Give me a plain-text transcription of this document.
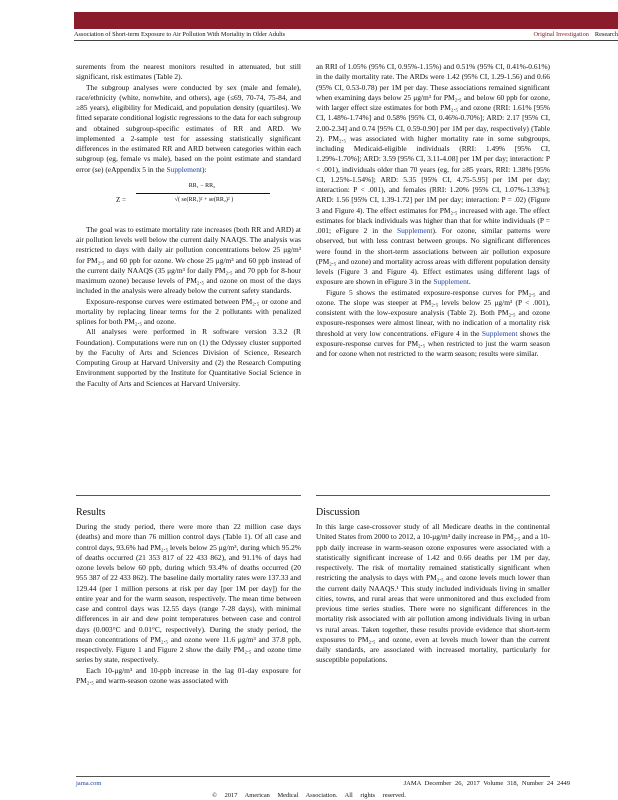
Association of Short-term Exposure to Air Pollution With Mortality in Older Adults	Original Investigation Research

surements from the nearest monitors resulted in attenuated, but still significant, risk estimates (Table 2).

The subgroup analyses were conducted by sex (male and female), race/ethnicity (white, nonwhite, and others), age (≤69, 70-74, 75-84, and ≥85 years), eligibility for Medicaid, and population density (quartiles). We fitted separate conditional logistic regressions to the data for each subgroup and obtained subgroup-specific estimates of RR and ARD. We implemented a 2-sample test for assessing statistically significant differences in the estimated RR and ARD between categories within each subgroup (eg, female vs male), based on the point estimate and standard error (se) (eAppendix 5 in the Supplement):

Z =
RR₁ − RR₂
√( se(RR₁)² + se(RR₂)² )

The goal was to estimate mortality rate increases (both RR and ARD) at air pollution levels well below the current daily NAAQS. The analysis was restricted to days with daily air pollution concentrations below 25 μg/m³ for PM₂.₅ and 60 ppb for ozone. We chose 25 μg/m³ and 60 ppb instead of the current daily NAAQS (35 μg/m³ for daily PM₂.₅ and 70 ppb for 8-hour maximum ozone) because levels of PM₂.₅ and ozone on most of the days included in the analysis were already below the current safety standards.

Exposure-response curves were estimated between PM₂.₅ or ozone and mortality by replacing linear terms for the 2 pollutants with penalized splines for both PM₂.₅ and ozone.

All analyses were performed in R software version 3.3.2 (R Foundation). Computations were run on (1) the Odyssey cluster supported by the Faculty of Arts and Sciences Division of Science, Research Computing Group at Harvard University and (2) the Research Computing Environment supported by the Institute for Quantitative Social Science in the Faculty of Arts and Sciences at Harvard University.

an RRI of 1.05% (95% CI, 0.95%-1.15%) and 0.51% (95% CI, 0.41%-0.61%) in the daily mortality rate. The ARDs were 1.42 (95% CI, 1.29-1.56) and 0.66 (95% CI, 0.53-0.78) per 1M per day. These associations remained significant when examining days below 25 μg/m³ for PM₂.₅ and below 60 ppb for ozone, with larger effect size estimates for both PM₂.₅ and ozone (RRI: 1.61% [95% CI, 1.48%-1.74%] and 0.58% [95% CI, 0.46%-0.70%]; ARD: 2.17 [95% CI, 2.00-2.34] and 0.74 [95% CI, 0.59-0.90] per 1M per day, respectively) (Table 2). PM₂.₅ was associated with higher mortality rate in some subgroups, including Medicaid-eligible individuals (RRI: 1.49% [95% CI, 1.29%-1.70%]; ARD: 3.59 [95% CI, 3.11-4.08] per 1M per day; interaction: P < .001), individuals older than 70 years (eg, for ≥85 years, RRI: 1.38% [95% CI, 1.25%-1.54%]; ARD: 5.35 [95% CI, 4.75-5.95] per 1M per day; interaction: P < .001), and females (RRI: 1.20% [95% CI, 1.07%-1.33%]; ARD: 1.56 [95% CI, 1.39-1.72] per 1M per day; interaction: P = .02) (Figure 3 and Figure 4). The effect estimates for PM₂.₅ increased with age. The effect estimates for black individuals was higher than that for white individuals (P = .001; eFigure 2 in the Supplement). For ozone, similar patterns were observed, but with less contrast between groups. No significant differences were found in the short-term associations between air pollution exposure (PM₂.₅ and ozone) and mortality across areas with different population density levels (Figure 3 and Figure 4). Effect estimates using different lags of exposure are shown in eFigure 3 in the Supplement.

Figure 5 shows the estimated exposure-response curves for PM₂.₅ and ozone. The slope was steeper at PM₂.₅ levels below 25 μg/m³ (P < .001), consistent with the low-exposure analysis (Table 2). Both PM₂.₅ and ozone exposure-responses were almost linear, with no indication of a mortality risk threshold at very low concentrations. eFigure 4 in the Supplement shows the exposure-response curves for PM₂.₅ when restricted to just the warm season and for ozone when not restricted to the warm season; results were similar.

Results	Discussion

During the study period, there were more than 22 million case days (deaths) and more than 76 million control days (Table 1). Of all case and control days, 93.6% had PM₂.₅ levels below 25 μg/m³, during which 95.2% of deaths occurred (21 353 817 of 22 433 862), and 91.1% of days had ozone levels below 60 ppb, during which 93.4% of deaths occurred (20 955 387 of 22 433 862). The baseline daily mortality rates were 137.33 and 129.44 (per 1 million persons at risk per day [per 1M per day]) for the entire year and for the warm season, respectively. The mean time between case and control days was 12.55 days (range 7-28 days), with minimal differences in air and dew point temperatures between case and control days (0.003°C and 0.01°C, respectively). During the study period, the mean concentrations of PM₂.₅ and ozone were 11.6 μg/m³ and 37.8 ppb, respectively. Figure 1 and Figure 2 show the daily PM₂.₅ and ozone time series by state, respectively.

Each 10-μg/m³ and 10-ppb increase in the lag 01-day exposure for PM₂.₅ and warm-season ozone was associated with

In this large case-crossover study of all Medicare deaths in the continental United States from 2000 to 2012, a 10-μg/m³ daily increase in PM₂.₅ and a 10-ppb daily increase in warm-season ozone exposures were associated with a statistically significant increase of 1.42 and 0.66 deaths per 1M per day, respectively. The risk of mortality remained statistically significant when restricting the analysis to days with PM₂.₅ and ozone levels much lower than the current daily NAAQS.¹ This study included individuals living in smaller cities, towns, and rural areas that were unmonitored and thus excluded from previous time series studies. There were no significant differences in the mortality risk associated with air pollution among individuals living in urban vs rural areas. Taken together, these results provide evidence that short-term exposures to PM₂.₅ and ozone, even at levels much lower than the current daily standards, are associated with increased mortality, particularly for susceptible populations.

jama.com	JAMA December 26, 2017 Volume 318, Number 24 2449
© 2017 American Medical Association. All rights reserved.
